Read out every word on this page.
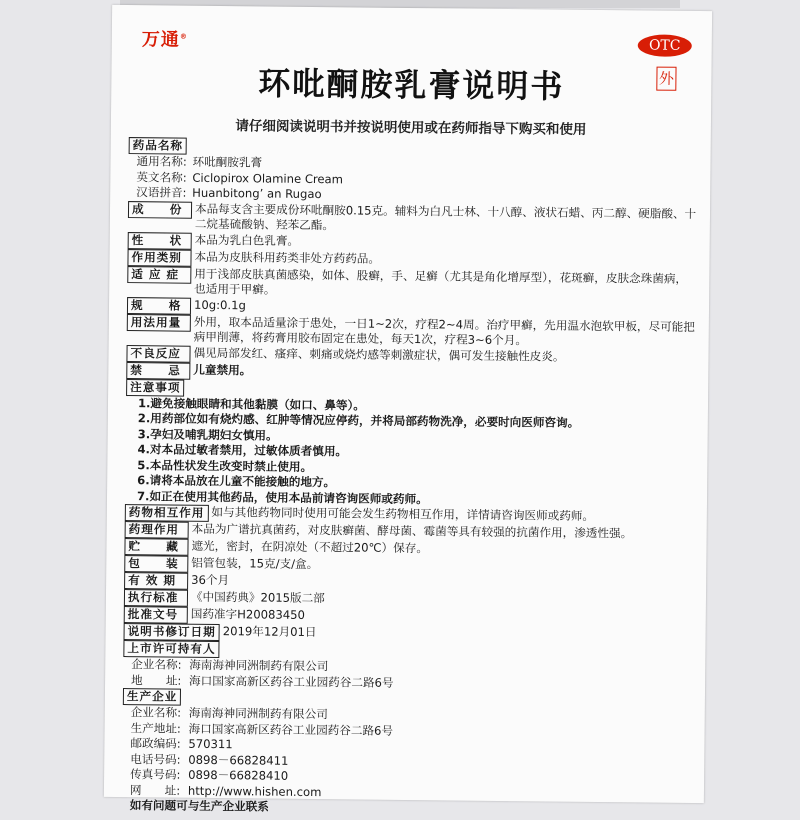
万通®
OTC
外
环吡酮胺乳膏说明书
请仔细阅读说明书并按说明使用或在药师指导下购买和使用
药品名称
通用名称: 环吡酮胺乳膏
英文名称: Ciclopirox Olamine Cream
汉语拼音: Huanbitong’ an Rugao
成　　份	本品每支含主要成份环吡酮胺0.15克。辅料为白凡士林、十八醇、液状石蜡、丙二醇、硬脂酸、十二烷基硫酸钠、羟苯乙酯。
性　　状	本品为乳白色乳膏。
作用类别	本品为皮肤科用药类非处方药药品。
适 应 症	用于浅部皮肤真菌感染，如体、股癣，手、足癣（尤其是角化增厚型），花斑癣，皮肤念珠菌病，也适用于甲癣。
规　　格	10g:0.1g
用法用量	外用，取本品适量涂于患处，一日1~2次，疗程2~4周。治疗甲癣，先用温水泡软甲板，尽可能把病甲削薄，将药膏用胶布固定在患处，每天1次，疗程3~6个月。
不良反应	偶见局部发红、瘙痒、刺痛或烧灼感等刺激症状，偶可发生接触性皮炎。
禁　　忌	儿童禁用。
注意事项
1.避免接触眼睛和其他黏膜（如口、鼻等）。
2.用药部位如有烧灼感、红肿等情况应停药，并将局部药物洗净，必要时向医师咨询。
3.孕妇及哺乳期妇女慎用。
4.对本品过敏者禁用，过敏体质者慎用。
5.本品性状发生改变时禁止使用。
6.请将本品放在儿童不能接触的地方。
7.如正在使用其他药品，使用本品前请咨询医师或药师。
药物相互作用 如与其他药物同时使用可能会发生药物相互作用，详情请咨询医师或药师。
药理作用	本品为广谱抗真菌药，对皮肤癣菌、酵母菌、霉菌等具有较强的抗菌作用，渗透性强。
贮　　藏	遮光，密封，在阴凉处（不超过20℃）保存。
包　　装	铝管包装，15克/支/盒。
有 效 期	36个月
执行标准	《中国药典》2015版二部
批准文号	国药准字H20083450
说明书修订日期 2019年12月01日
上市许可持有人
企业名称: 海南海神同洲制药有限公司
地　　址: 海口国家高新区药谷工业园药谷二路6号
生产企业
企业名称: 海南海神同洲制药有限公司
生产地址: 海口国家高新区药谷工业园药谷二路6号
邮政编码: 570311
电话号码: 0898－66828411
传真号码: 0898－66828410
网　　址: http://www.hishen.com
如有问题可与生产企业联系
